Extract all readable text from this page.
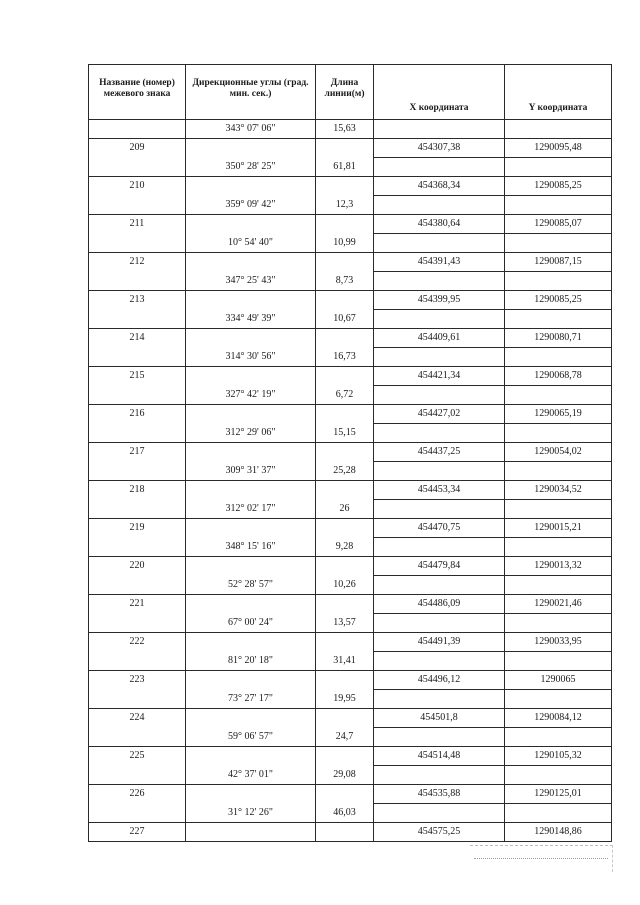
Название (номер) межевого знака	Дирекционные углы (град. мин. сек.)	Длина линии(м)	X координата	Y координата
	343° 07' 06"	15,63		
209			454307,38	1290095,48
	350° 28' 25"	61,81		
210			454368,34	1290085,25
	359° 09' 42"	12,3		
211			454380,64	1290085,07
	10° 54' 40"	10,99		
212			454391,43	1290087,15
	347° 25' 43"	8,73		
213			454399,95	1290085,25
	334° 49' 39"	10,67		
214			454409,61	1290080,71
	314° 30' 56"	16,73		
215			454421,34	1290068,78
	327° 42' 19"	6,72		
216			454427,02	1290065,19
	312° 29' 06"	15,15		
217			454437,25	1290054,02
	309° 31' 37"	25,28		
218			454453,34	1290034,52
	312° 02' 17"	26		
219			454470,75	1290015,21
	348° 15' 16"	9,28		
220			454479,84	1290013,32
	52° 28' 57"	10,26		
221			454486,09	1290021,46
	67° 00' 24"	13,57		
222			454491,39	1290033,95
	81° 20' 18"	31,41		
223			454496,12	1290065
	73° 27' 17"	19,95		
224			454501,8	1290084,12
	59° 06' 57"	24,7		
225			454514,48	1290105,32
	42° 37' 01"	29,08		
226			454535,88	1290125,01
	31° 12' 26"	46,03		
227			454575,25	1290148,86
